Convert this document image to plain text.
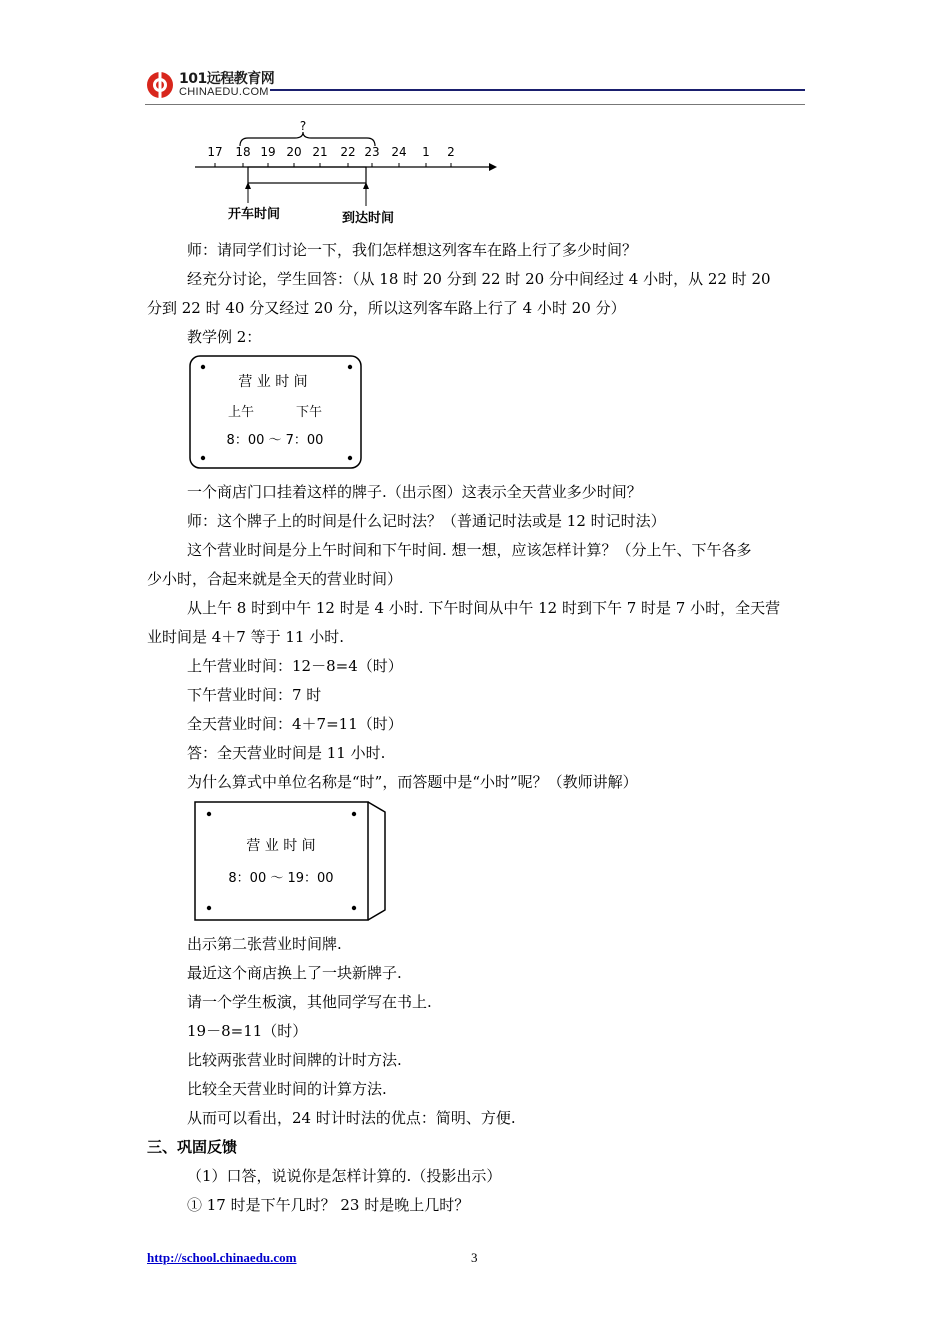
101远程教育网
CHINAEDU.COM
?
17 18 19 20 21 22 23 24 1 2
开车时间	到达时间
师：请同学们讨论一下，我们怎样想这列客车在路上行了多少时间？
经充分讨论，学生回答：（从 18 时 20 分到 22 时 20 分中间经过 4 小时，从 22 时 20
分到 22 时 40 分又经过 20 分，所以这列客车路上行了 4 小时 20 分）
教学例 2：
营 业 时 间
上午	下午
8：00 ～ 7：00
一个商店门口挂着这样的牌子.（出示图）这表示全天营业多少时间？
师：这个牌子上的时间是什么记时法？（普通记时法或是 12 时记时法）
这个营业时间是分上午时间和下午时间. 想一想，应该怎样计算？（分上午、下午各多
少小时，合起来就是全天的营业时间）
从上午 8 时到中午 12 时是 4 小时. 下午时间从中午 12 时到下午 7 时是 7 小时，全天营
业时间是 4＋7 等于 11 小时.
上午营业时间：12－8=4（时）
下午营业时间：7 时
全天营业时间：4＋7=11（时）
答：全天营业时间是 11 小时.
为什么算式中单位名称是“时”，而答题中是“小时”呢？（教师讲解）
营 业 时 间
8：00 ～ 19：00
出示第二张营业时间牌.
最近这个商店换上了一块新牌子.
请一个学生板演，其他同学写在书上.
19－8=11（时）
比较两张营业时间牌的计时方法.
比较全天营业时间的计算方法.
从而可以看出，24 时计时法的优点：简明、方便.
三、巩固反馈
（1）口答，说说你是怎样计算的.（投影出示）
① 17 时是下午几时？ 23 时是晚上几时？
http://school.chinaedu.com	3
